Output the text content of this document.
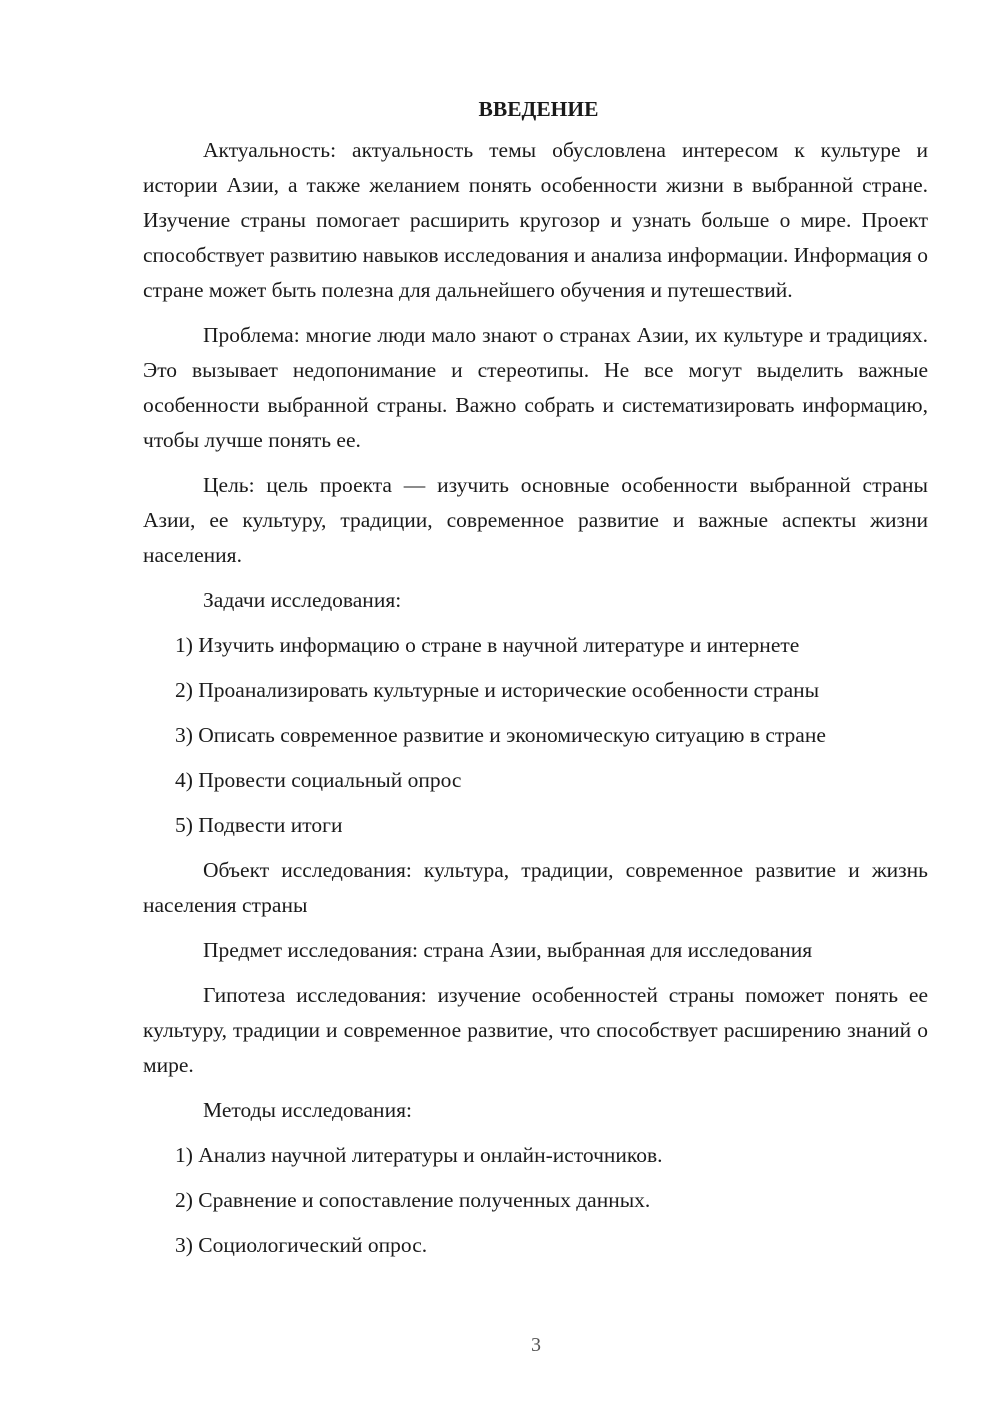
ВВЕДЕНИЕ

Актуальность: актуальность темы обусловлена интересом к культуре и истории Азии, а также желанием понять особенности жизни в выбранной стране. Изучение страны помогает расширить кругозор и узнать больше о мире. Проект способствует развитию навыков исследования и анализа информации. Информация о стране может быть полезна для дальнейшего обучения и путешествий.

Проблема: многие люди мало знают о странах Азии, их культуре и традициях. Это вызывает недопонимание и стереотипы. Не все могут выделить важные особенности выбранной страны. Важно собрать и систематизировать информацию, чтобы лучше понять ее.

Цель: цель проекта — изучить основные особенности выбранной страны Азии, ее культуру, традиции, современное развитие и важные аспекты жизни населения.

Задачи исследования:

1) Изучить информацию о стране в научной литературе и интернете
2) Проанализировать культурные и исторические особенности страны
3) Описать современное развитие и экономическую ситуацию в стране
4) Провести социальный опрос
5) Подвести итоги

Объект исследования: культура, традиции, современное развитие и жизнь населения страны

Предмет исследования: страна Азии, выбранная для исследования

Гипотеза исследования: изучение особенностей страны поможет понять ее культуру, традиции и современное развитие, что способствует расширению знаний о мире.

Методы исследования:

1) Анализ научной литературы и онлайн-источников.
2) Сравнение и сопоставление полученных данных.
3) Социологический опрос.
3
